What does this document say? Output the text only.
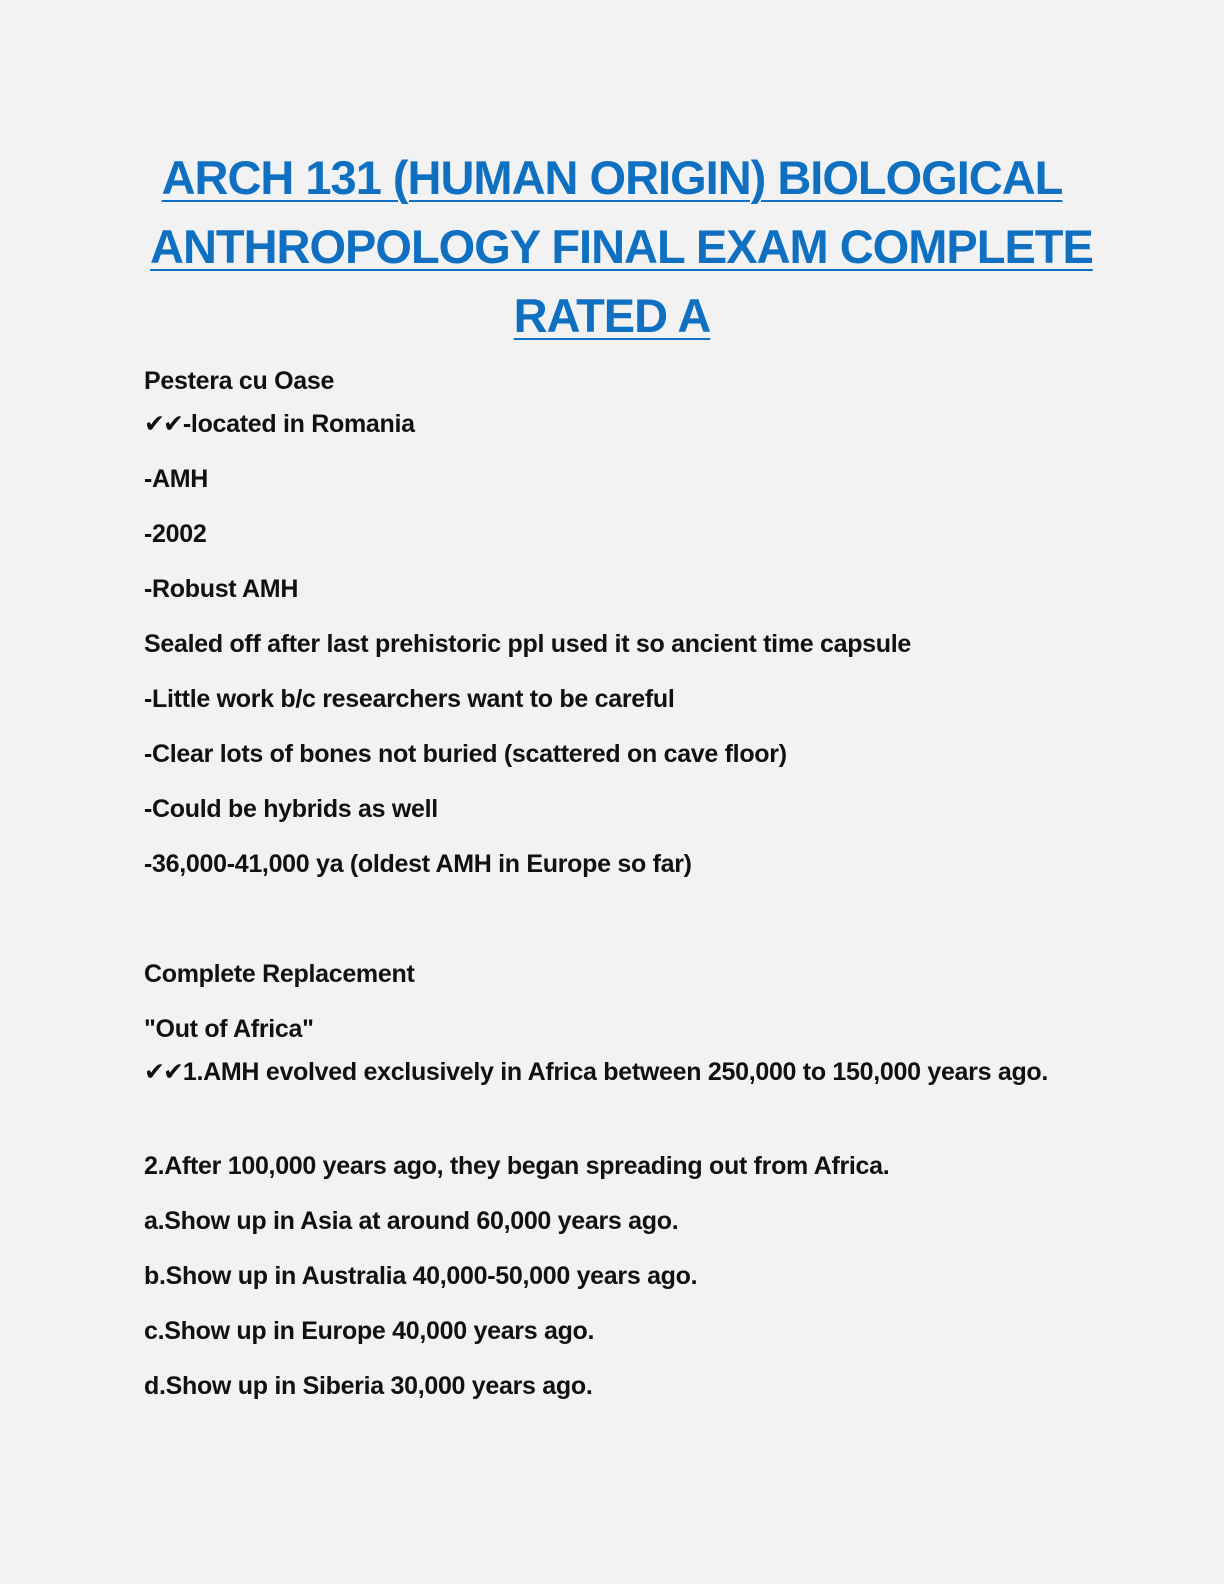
ARCH 131 (HUMAN ORIGIN) BIOLOGICAL
ANTHROPOLOGY FINAL EXAM COMPLETE
RATED A
Pestera cu Oase
✔✔-located in Romania
-AMH
-2002
-Robust AMH
Sealed off after last prehistoric ppl used it so ancient time capsule
-Little work b/c researchers want to be careful
-Clear lots of bones not buried (scattered on cave floor)
-Could be hybrids as well
-36,000-41,000 ya (oldest AMH in Europe so far)
Complete Replacement
"Out of Africa"
✔✔1.AMH evolved exclusively in Africa between 250,000 to 150,000 years ago.
2.After 100,000 years ago, they began spreading out from Africa.
a.Show up in Asia at around 60,000 years ago.
b.Show up in Australia 40,000-50,000 years ago.
c.Show up in Europe 40,000 years ago.
d.Show up in Siberia 30,000 years ago.
